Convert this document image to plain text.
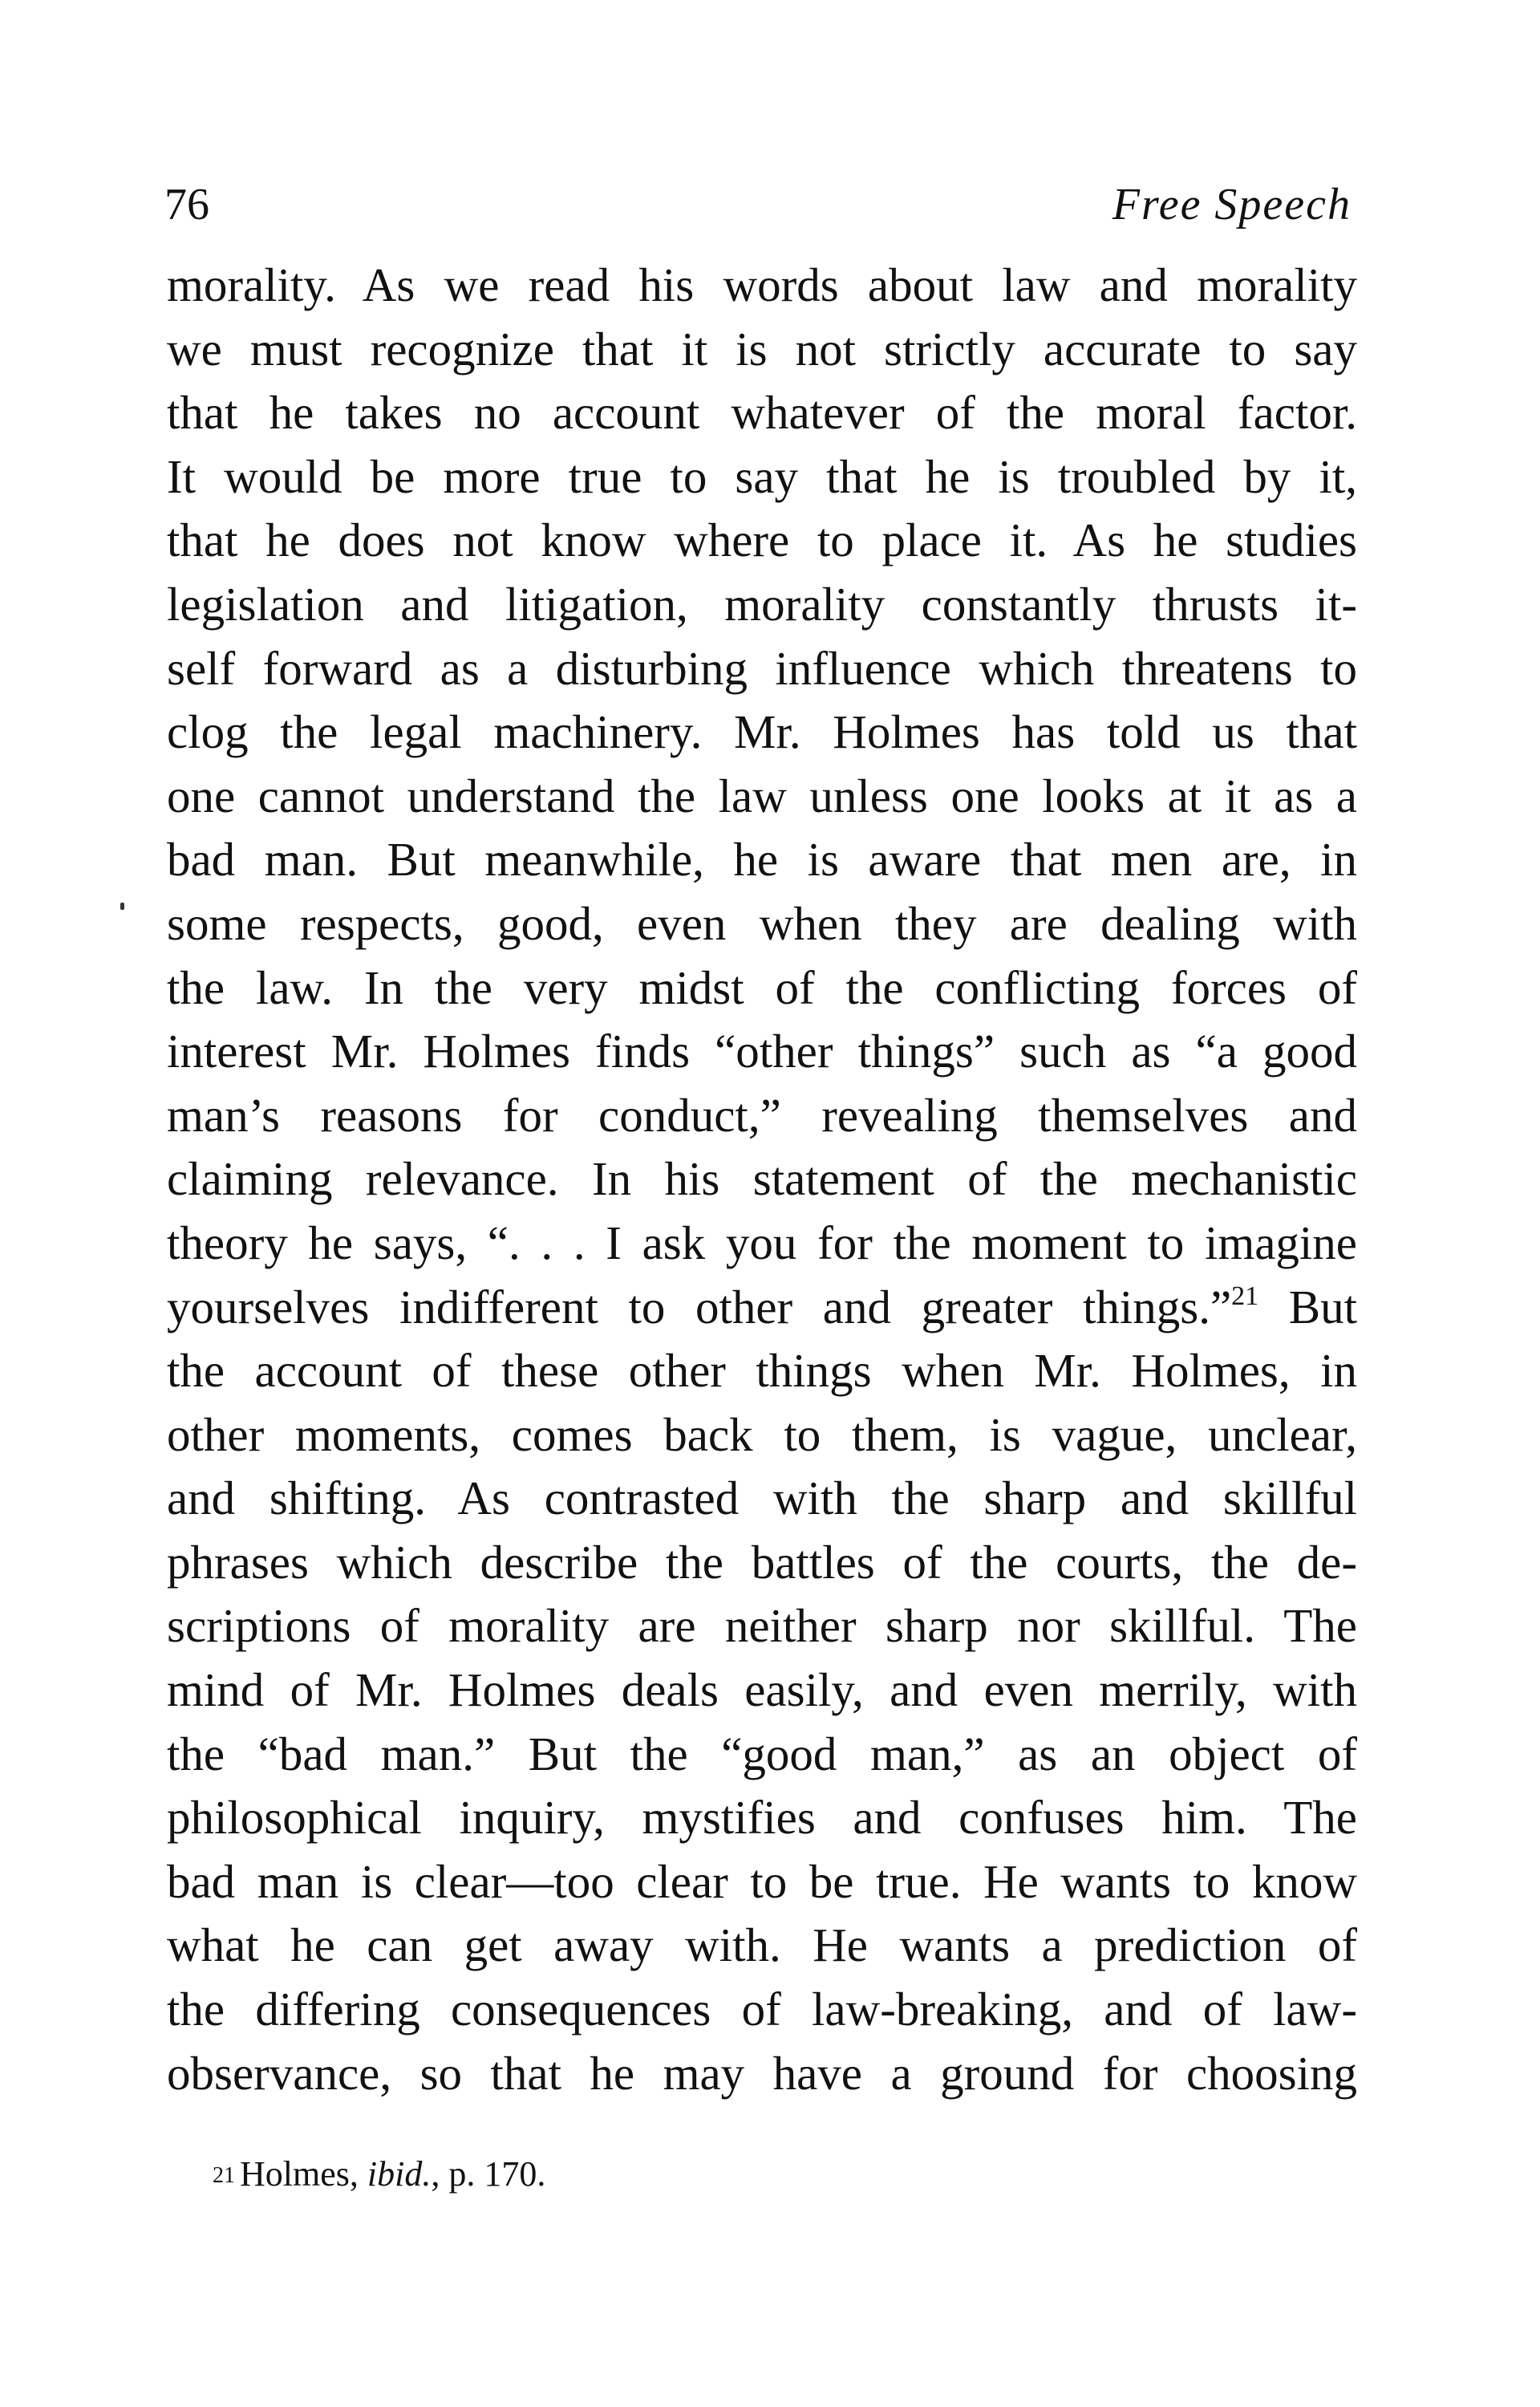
76	Free Speech
morality. As we read his words about law and morality
we must recognize that it is not strictly accurate to say
that he takes no account whatever of the moral factor.
It would be more true to say that he is troubled by it,
that he does not know where to place it. As he studies
legislation and litigation, morality constantly thrusts it-
self forward as a disturbing influence which threatens to
clog the legal machinery. Mr. Holmes has told us that
one cannot understand the law unless one looks at it as a
bad man. But meanwhile, he is aware that men are, in
some respects, good, even when they are dealing with
the law. In the very midst of the conflicting forces of
interest Mr. Holmes finds “other things” such as “a good
man’s reasons for conduct,” revealing themselves and
claiming relevance. In his statement of the mechanistic
theory he says, “. . . I ask you for the moment to imagine
yourselves indifferent to other and greater things.”$^{21}$ But
the account of these other things when Mr. Holmes, in
other moments, comes back to them, is vague, unclear,
and shifting. As contrasted with the sharp and skillful
phrases which describe the battles of the courts, the de-
scriptions of morality are neither sharp nor skillful. The
mind of Mr. Holmes deals easily, and even merrily, with
the “bad man.” But the “good man,” as an object of
philosophical inquiry, mystifies and confuses him. The
bad man is clear—too clear to be true. He wants to know
what he can get away with. He wants a prediction of
the differing consequences of law-breaking, and of law-
observance, so that he may have a ground for choosing
$^{21}$ Holmes, ibid., p. 170.
